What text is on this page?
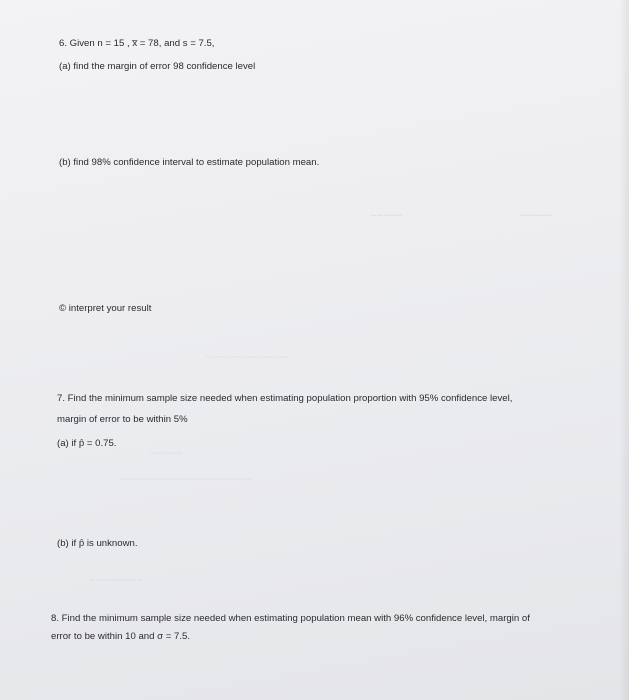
~~~~~	~~~~~
~~~~~~~~~~~~~~~~
~~~~~~
~~~~~~~~~~~~~~~~~~~~~~~~~
~~~~~~~~~~
6. Given n = 15 , x̅ = 78, and s = 7.5,
(a) find the margin of error 98 confidence level
(b) find 98% confidence interval to estimate population mean.
© interpret your result
7. Find the minimum sample size needed when estimating population proportion with 95% confidence level,
margin of error to be within 5%
(a) if p̂ = 0.75.
(b) if p̂ is unknown.
8. Find the minimum sample size needed when estimating population mean with 96% confidence level, margin of
error to be within 10 and σ = 7.5.
